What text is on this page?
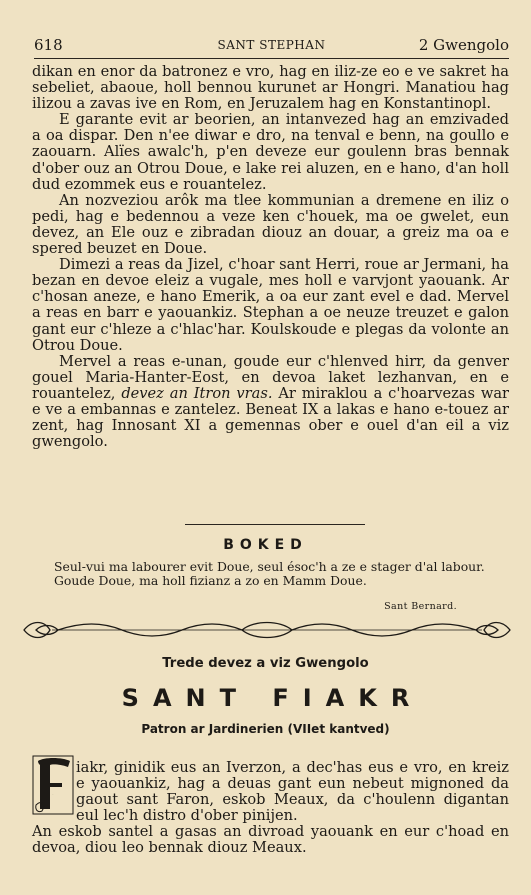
618	SANT STEPHAN	2 Gwengolo

dikan en enor da batronez e vro, hag en iliz-ze eo e ve sakret ha sebeliet, abaoue, holl bennou kurunet ar Hongri. Manatiou hag ilizou a zavas ive en Rom, en Jeruzalem hag en Konstantinopl.

E garante evit ar beorien, an intanvezed hag an emzivaded a oa dispar. Den n'ee diwar e dro, na tenval e benn, na goullo e zaouarn. Alïes awalc'h, p'en deveze eur goulenn bras bennak d'ober ouz an Otrou Doue, e lake rei aluzen, en e hano, d'an holl dud ezommek eus e rouantelez.

An nozveziou arôk ma tlee kommunian a dremene en iliz o pedi, hag e bedennou a veze ken c'houek, ma oe gwelet, eun devez, an Ele ouz e zibradan diouz an douar, a greiz ma oa e spered beuzet en Doue.

Dimezi a reas da Jizel, c'hoar sant Herri, roue ar Jermani, ha bezan en devoe eleiz a vugale, mes holl e varvjont yaouank. Ar c'hosan aneze, e hano Emerik, a oa eur zant evel e dad. Mervel a reas en barr e yaouankiz. Stephan a oe neuze treuzet e galon gant eur c'hleze a c'hlac'har. Koulskoude e plegas da volonte an Otrou Doue.

Mervel a reas e-unan, goude eur c'hlenved hirr, da genver gouel Maria-Hanter-Eost, en devoa laket lezhanvan, en e rouantelez, devez an Itron vras. Ar miraklou a c'hoarvezas war e ve a embannas e zantelez. Beneat IX a lakas e hano e-touez ar zent, hag Innosant XI a gemennas ober e ouel d'an eil a viz gwengolo.

BOKED

Seul-vui ma labourer evit Doue, seul ésoc'h a ze e stager d'al labour.

Goude Doue, ma holl fizianz a zo en Mamm Doue.

Sant Bernard.
Trede devez a viz Gwengolo
SANT FIAKR
Patron ar Jardinerien (VIIet kantved)
F

iakr, ginidik eus an Iverzon, a dec'has eus e vro, en kreiz e yaouankiz, hag a deuas gant eun nebeut mignoned da gaout sant Faron, eskob Meaux, da c'houlenn digantan eul lec'h distro d'ober pinijen.

An eskob santel a gasas an divroad yaouank en eur c'hoad en devoa, diou leo bennak diouz Meaux.
